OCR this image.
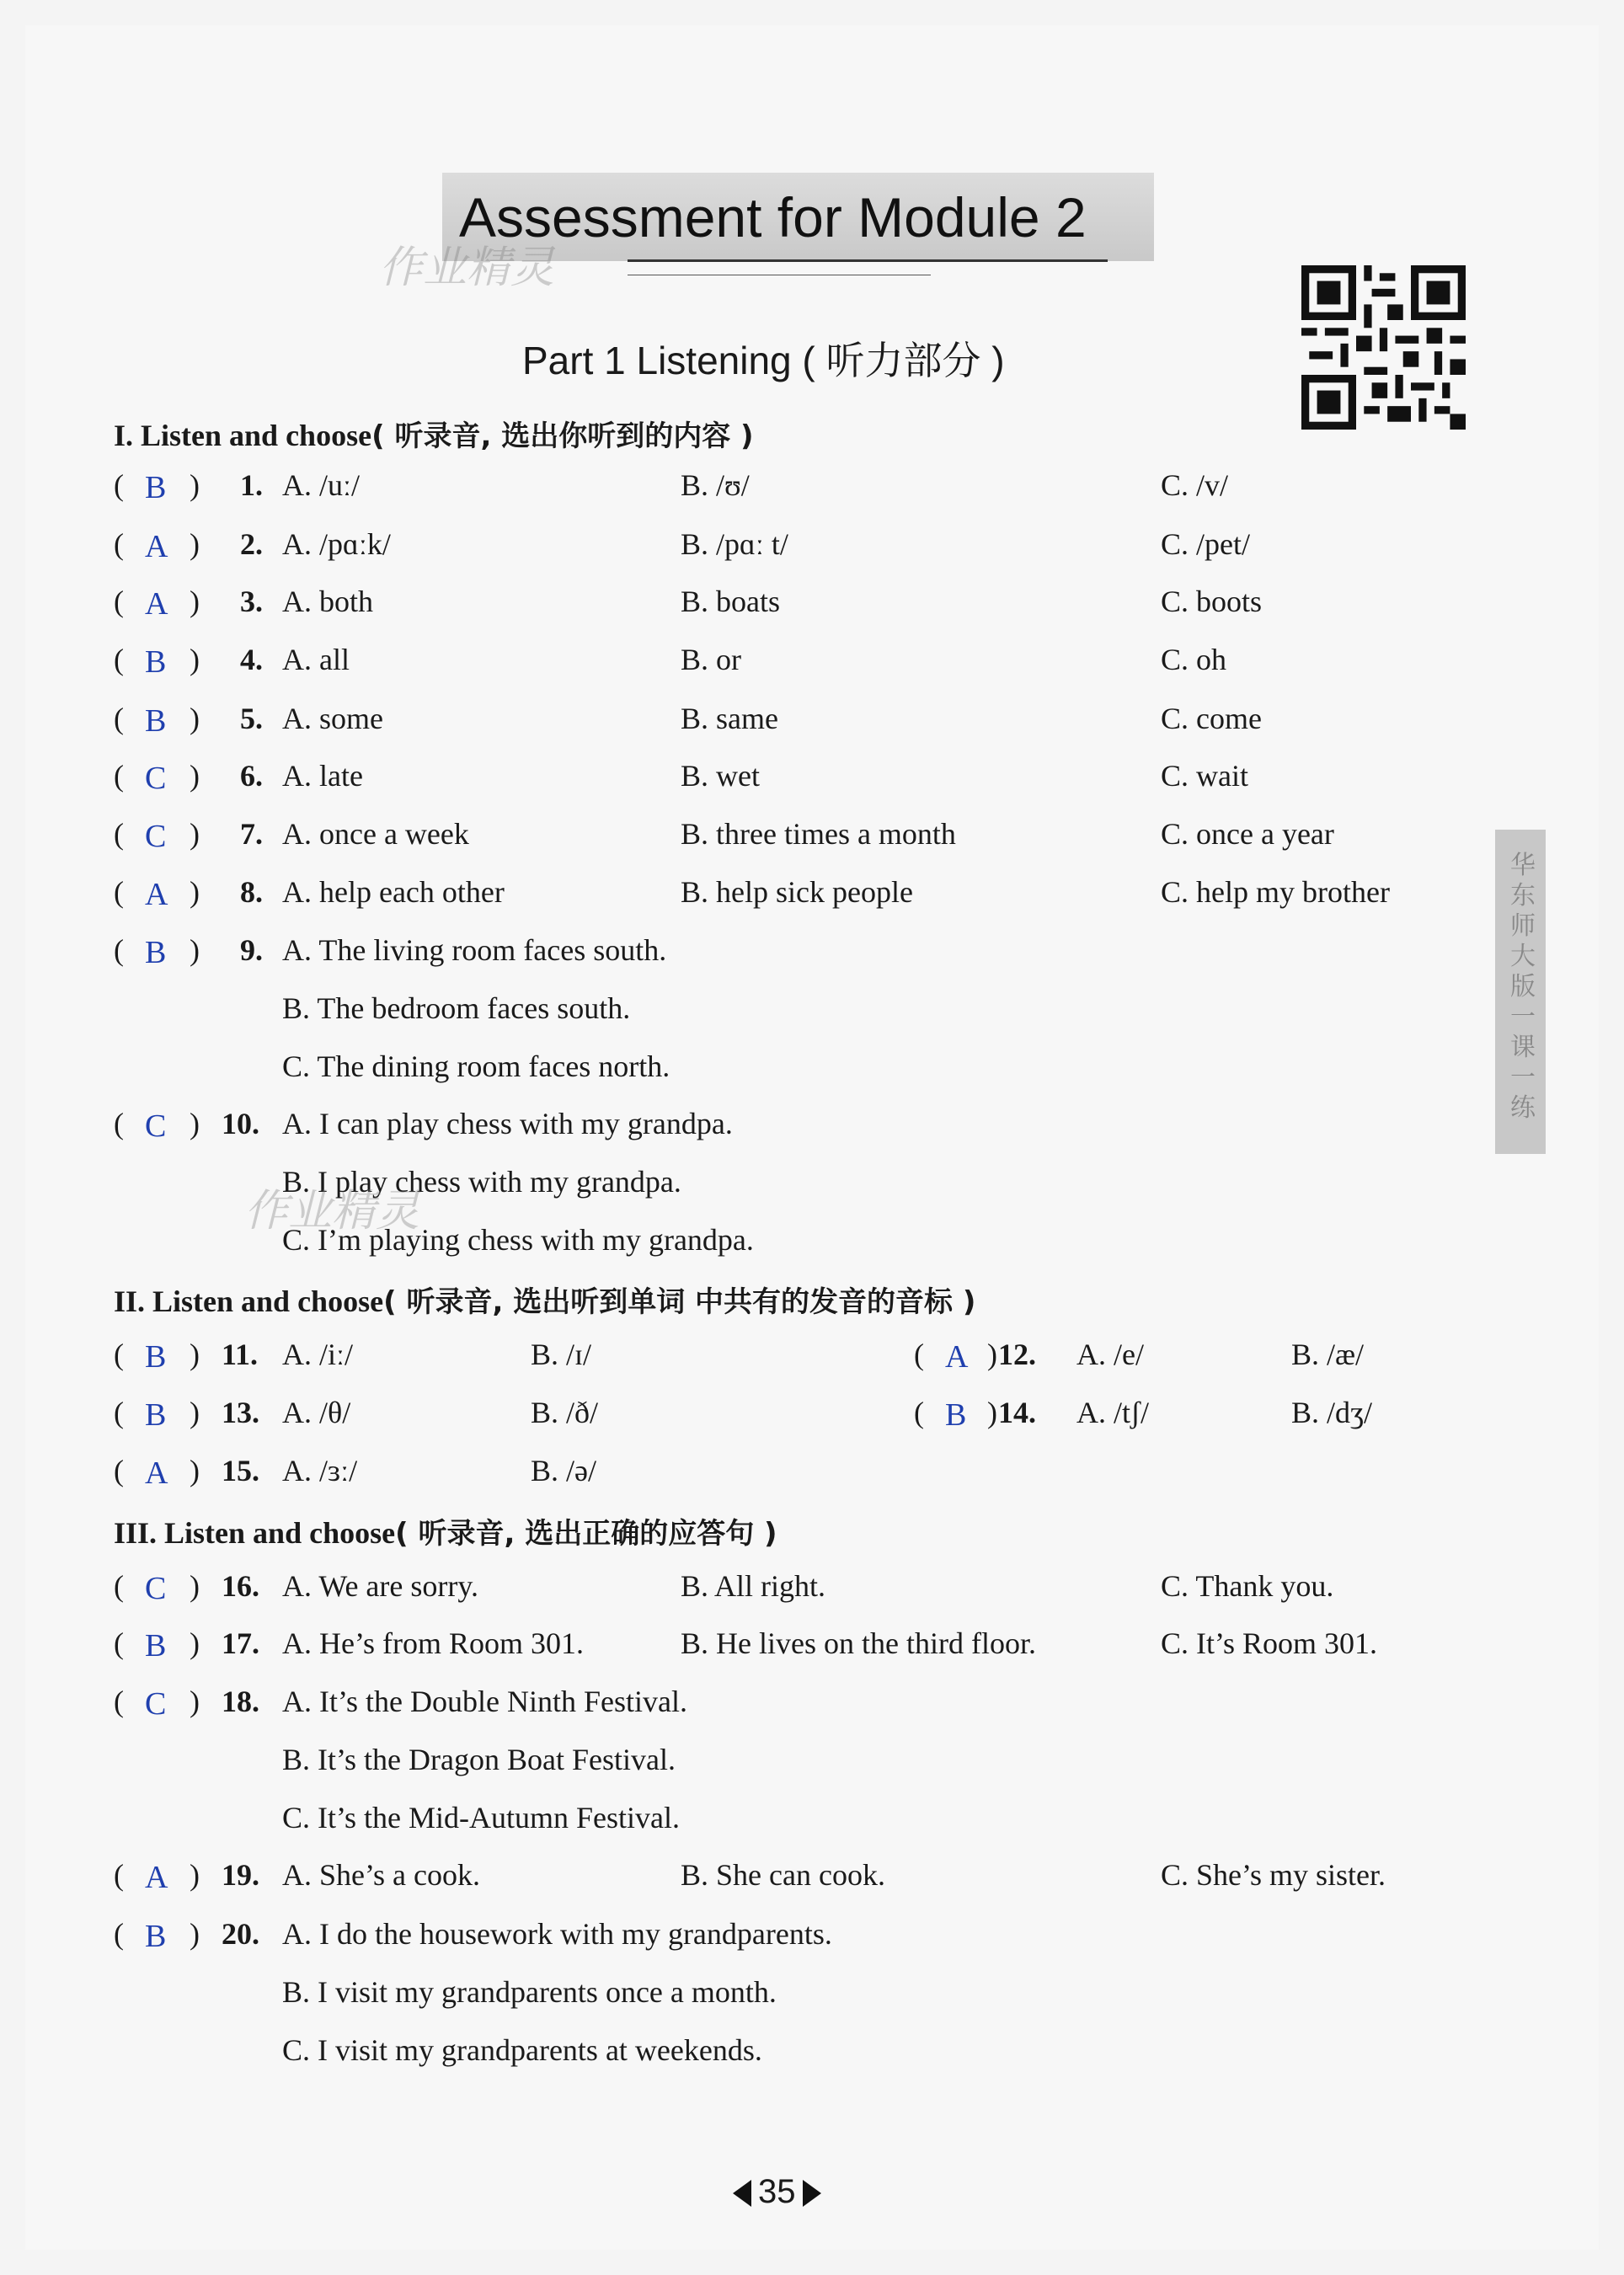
Assessment for Module 2
作业精灵
Part 1 Listening ( 听力部分 )
I. Listen and choose( 听录音, 选出你听到的内容 )
( B ) 1. A. /uː/	B. /ʊ/	C. /v/
( A ) 2. A. /pɑːk/	B. /pɑː t/	C. /pet/
( A ) 3. A. both	B. boats	C. boots
( B ) 4. A. all	B. or	C. oh
( B ) 5. A. some	B. same	C. come
( C ) 6. A. late	B. wet	C. wait
( C ) 7. A. once a week	B. three times a month	C. once a year
( A ) 8. A. help each other	B. help sick people	C. help my brother
( B ) 9. A. The living room faces south.
B. The bedroom faces south.
C. The dining room faces north.
( C ) 10. A. I can play chess with my grandpa.
B. I play chess with my grandpa.
C. I’m playing chess with my grandpa.
( B ) 11. A. /iː/	B. /ɪ/	( A ) 12. A. /e/	B. /æ/
( B ) 13. A. /θ/	B. /ð/	( B ) 14. A. /tʃ/	B. /dʒ/
( A ) 15. A. /ɜː/	B. /ə/
( C ) 16. A. We are sorry.	B. All right.	C. Thank you.
( B ) 17. A. He’s from Room 301.	B. He lives on the third floor.	C. It’s Room 301.
( C ) 18. A. It’s the Double Ninth Festival.
B. It’s the Dragon Boat Festival.
C. It’s the Mid-Autumn Festival.
( A ) 19. A. She’s a cook.	B. She can cook.	C. She’s my sister.
( B ) 20. A. I do the housework with my grandparents.
B. I visit my grandparents once a month.
C. I visit my grandparents at weekends.
II. Listen and choose( 听录音, 选出听到单词 中共有的发音的音标 )
III. Listen and choose( 听录音, 选出正确的应答句 )
作业精灵
华东师大版一课一练
35
